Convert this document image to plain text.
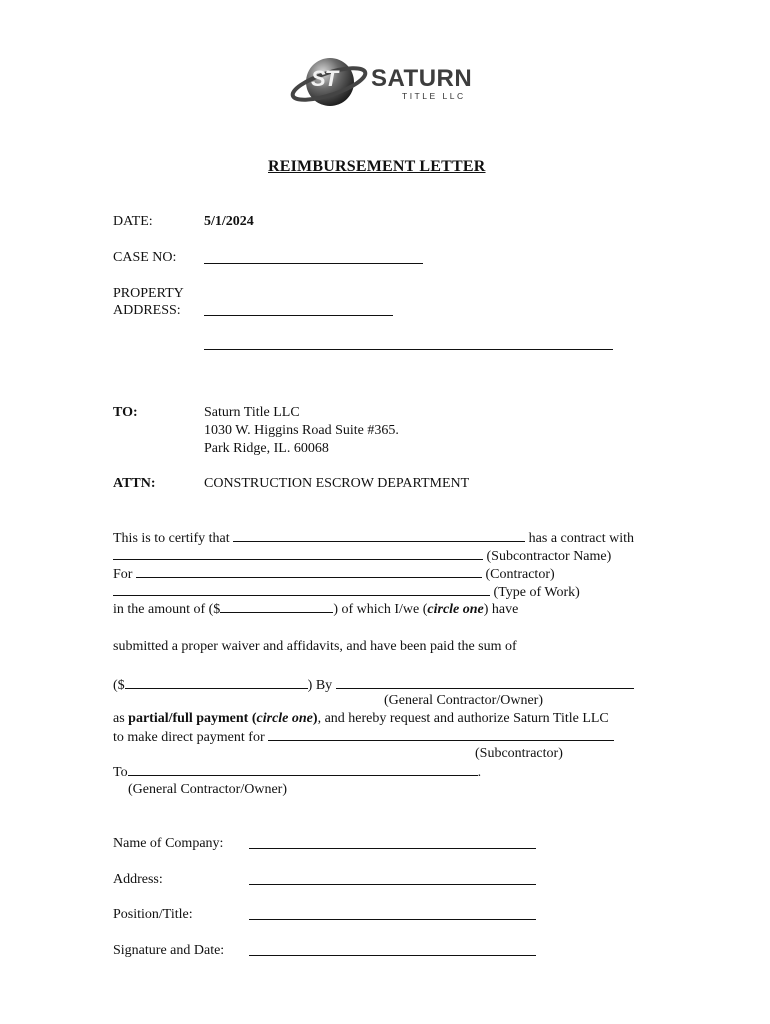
ST SATURN
TITLE LLC
REIMBURSEMENT LETTER
DATE:	5/1/2024
CASE NO:
PROPERTY
ADDRESS:
TO:	Saturn Title LLC
1030 W. Higgins Road Suite #365.
Park Ridge, IL. 60068
ATTN:	CONSTRUCTION ESCROW DEPARTMENT
This is to certify that	has a contract with
(Subcontractor Name)
For	(Contractor)
(Type of Work)
in the amount of ($	) of which I/we (circle one) have
submitted a proper waiver and affidavits, and have been paid the sum of
($	) By
(General Contractor/Owner)
as partial/full payment (circle one), and hereby request and authorize Saturn Title LLC
to make direct payment for
(Subcontractor)
To	.
(General Contractor/Owner)
Name of Company:
Address:
Position/Title:
Signature and Date:
